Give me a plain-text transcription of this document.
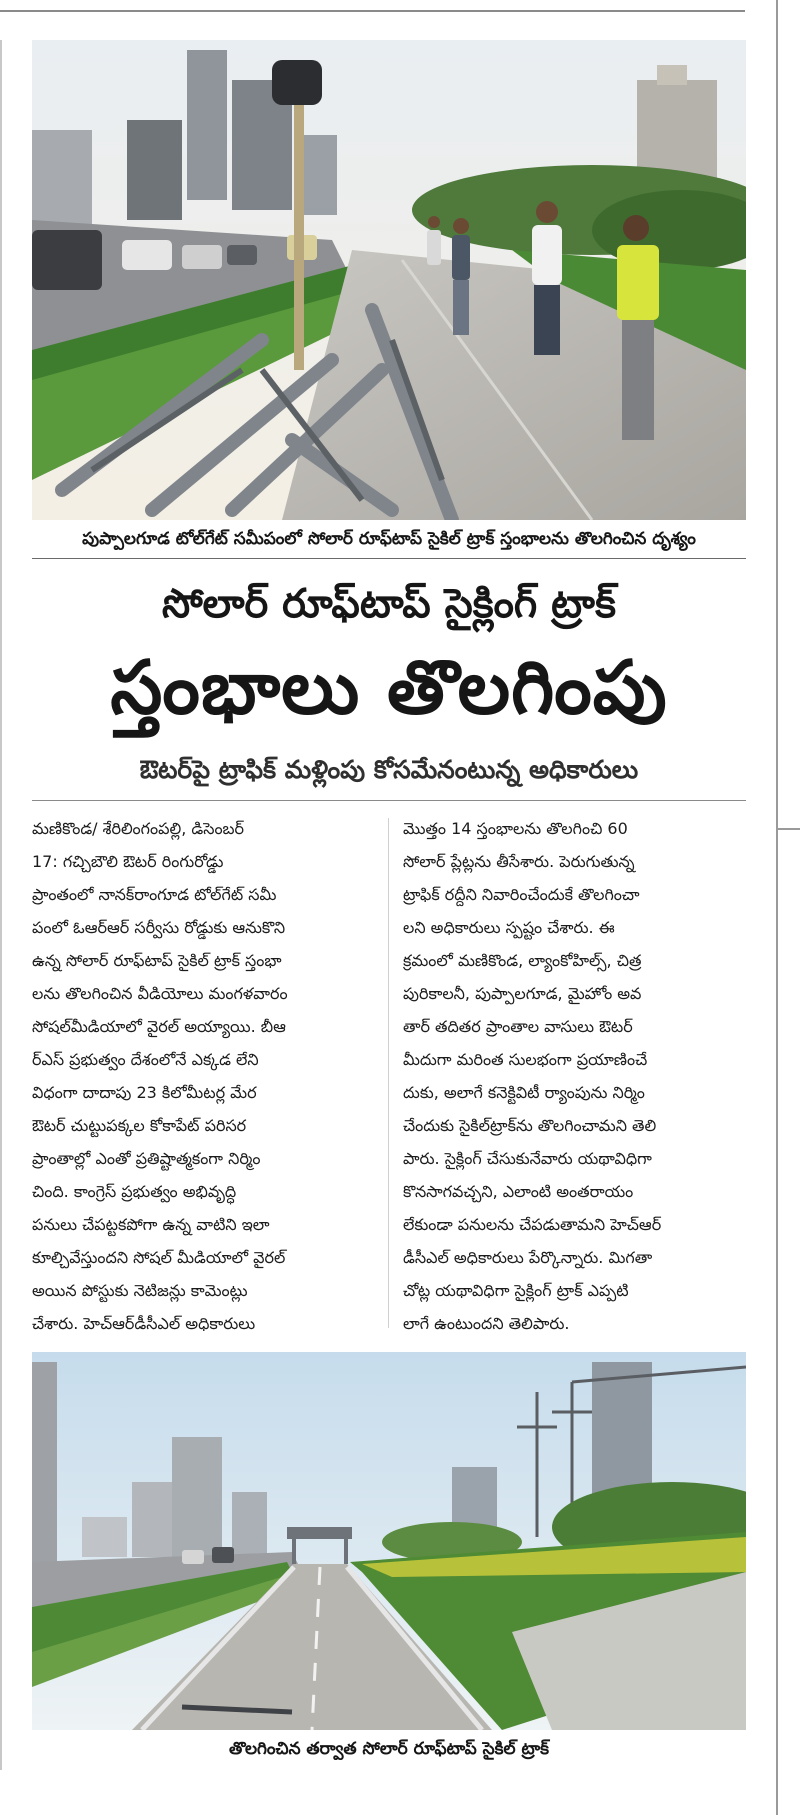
పుప్పాలగూడ టోల్‌గేట్ సమీపంలో సోలార్ రూఫ్‌టాప్ సైకిల్ ట్రాక్ స్తంభాలను తొలగించిన దృశ్యం
సోలార్ రూఫ్‌టాప్ సైక్లింగ్ ట్రాక్
స్తంభాలు తొలగింపు
ఔటర్‌పై ట్రాఫిక్ మళ్లింపు కోసమేనంటున్న అధికారులు
మణికొండ/ శేరిలింగంపల్లి, డిసెంబర్
17: గచ్చిబౌలి ఔటర్ రింగురోడ్డు
ప్రాంతంలో నానక్‌రాంగూడ టోల్‌గేట్ సమీ
పంలో ఓఆర్‌ఆర్ సర్వీసు రోడ్డుకు ఆనుకొని
ఉన్న సోలార్ రూఫ్‌టాప్ సైకిల్ ట్రాక్ స్తంభా
లను తొలగించిన వీడియోలు మంగళవారం
సోషల్‌మీడియాలో వైరల్ అయ్యాయి. బీఆ
ర్‌ఎస్ ప్రభుత్వం దేశంలోనే ఎక్కడ లేని
విధంగా దాదాపు 23 కిలోమీటర్ల మేర
ఔటర్ చుట్టుపక్కల కోకాపేట్ పరిసర
ప్రాంతాల్లో ఎంతో ప్రతిష్టాత్మకంగా నిర్మిం
చింది. కాంగ్రెస్ ప్రభుత్వం అభివృద్ధి
పనులు చేపట్టకపోగా ఉన్న వాటిని ఇలా
కూల్చివేస్తుందని సోషల్ మీడియాలో వైరల్
అయిన పోస్టుకు నెటిజన్లు కామెంట్లు
చేశారు. హెచ్‌ఆర్‌డీసీఎల్ అధికారులు
మొత్తం 14 స్తంభాలను తొలగించి 60
సోలార్ ప్లేట్లను తీసేశారు. పెరుగుతున్న
ట్రాఫిక్ రద్దీని నివారించేందుకే తొలగించా
లని అధికారులు స్పష్టం చేశారు. ఈ
క్రమంలో మణికొండ, ల్యాంకోహిల్స్, చిత్ర
పురికాలనీ, పుప్పాలగూడ, మైహోం అవ
తార్ తదితర ప్రాంతాల వాసులు ఔటర్
మీదుగా మరింత సులభంగా ప్రయాణించే
దుకు, అలాగే కనెక్టివిటీ ర్యాంపును నిర్మిం
చేందుకు సైకిల్‌ట్రాక్‌ను తొలగించామని తెలి
పారు. సైక్లింగ్ చేసుకునేవారు యథావిధిగా
కొనసాగవచ్చని, ఎలాంటి అంతరాయం
లేకుండా పనులను చేపడుతామని హెచ్‌ఆర్
డీసీఎల్ అధికారులు పేర్కొన్నారు. మిగతా
చోట్ల యథావిధిగా సైక్లింగ్ ట్రాక్ ఎప్పటి
లాగే ఉంటుందని తెలిపారు.
తొలగించిన తర్వాత సోలార్ రూఫ్‌టాప్ సైకిల్ ట్రాక్
